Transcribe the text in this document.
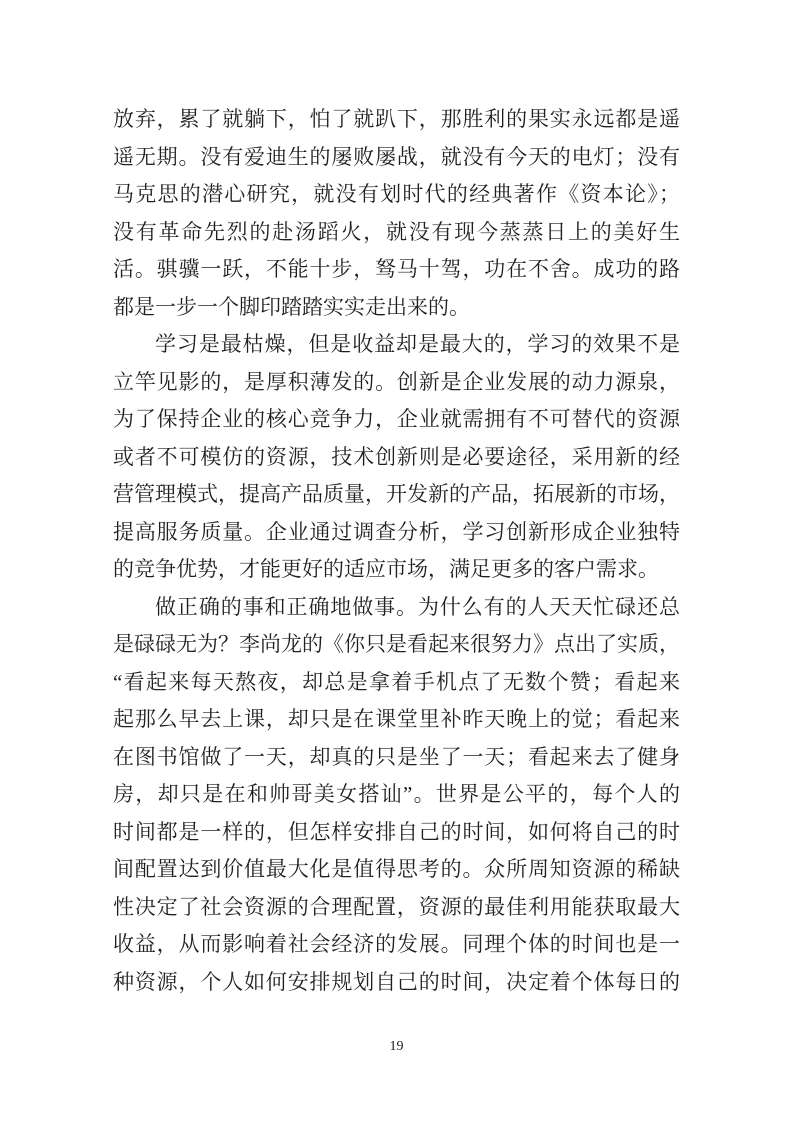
放弃，累了就躺下，怕了就趴下，那胜利的果实永远都是遥
遥无期。没有爱迪生的屡败屡战，就没有今天的电灯；没有
马克思的潜心研究，就没有划时代的经典著作《资本论》；
没有革命先烈的赴汤蹈火，就没有现今蒸蒸日上的美好生
活。骐骥一跃，不能十步，驽马十驾，功在不舍。成功的路
都是一步一个脚印踏踏实实走出来的。
学习是最枯燥，但是收益却是最大的，学习的效果不是
立竿见影的，是厚积薄发的。创新是企业发展的动力源泉，
为了保持企业的核心竞争力，企业就需拥有不可替代的资源
或者不可模仿的资源，技术创新则是必要途径，采用新的经
营管理模式，提高产品质量，开发新的产品，拓展新的市场，
提高服务质量。企业通过调查分析，学习创新形成企业独特
的竞争优势，才能更好的适应市场，满足更多的客户需求。
做正确的事和正确地做事。为什么有的人天天忙碌还总
是碌碌无为？李尚龙的《你只是看起来很努力》点出了实质，
“看起来每天熬夜，却总是拿着手机点了无数个赞；看起来
起那么早去上课，却只是在课堂里补昨天晚上的觉；看起来
在图书馆做了一天，却真的只是坐了一天；看起来去了健身
房，却只是在和帅哥美女搭讪”。世界是公平的，每个人的
时间都是一样的，但怎样安排自己的时间，如何将自己的时
间配置达到价值最大化是值得思考的。众所周知资源的稀缺
性决定了社会资源的合理配置，资源的最佳利用能获取最大
收益，从而影响着社会经济的发展。同理个体的时间也是一
种资源，个人如何安排规划自己的时间，决定着个体每日的
19
